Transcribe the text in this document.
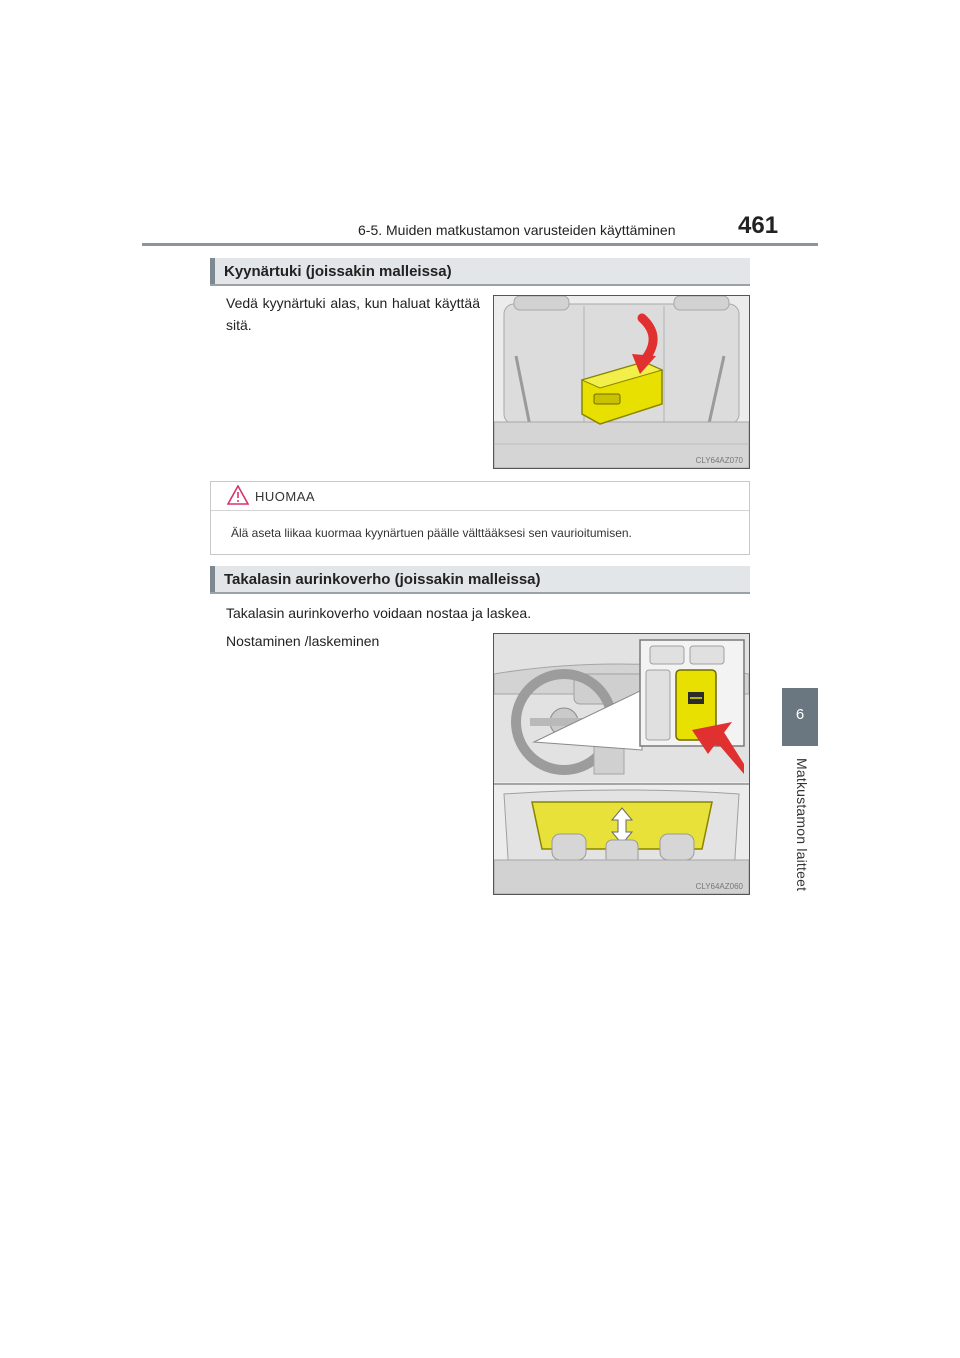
6-5. Muiden matkustamon varusteiden käyttäminen	461
6
Matkustamon laitteet
Kyynärtuki (joissakin malleissa)
Vedä kyynärtuki alas, kun haluat käyttää sitä.
CLY64AZ070
HUOMAA
Älä aseta liikaa kuormaa kyynärtuen päälle välttääksesi sen vaurioitumisen.
Takalasin aurinkoverho (joissakin malleissa)
Takalasin aurinkoverho voidaan nostaa ja laskea.
Nostaminen /laskeminen
CLY64AZ060
